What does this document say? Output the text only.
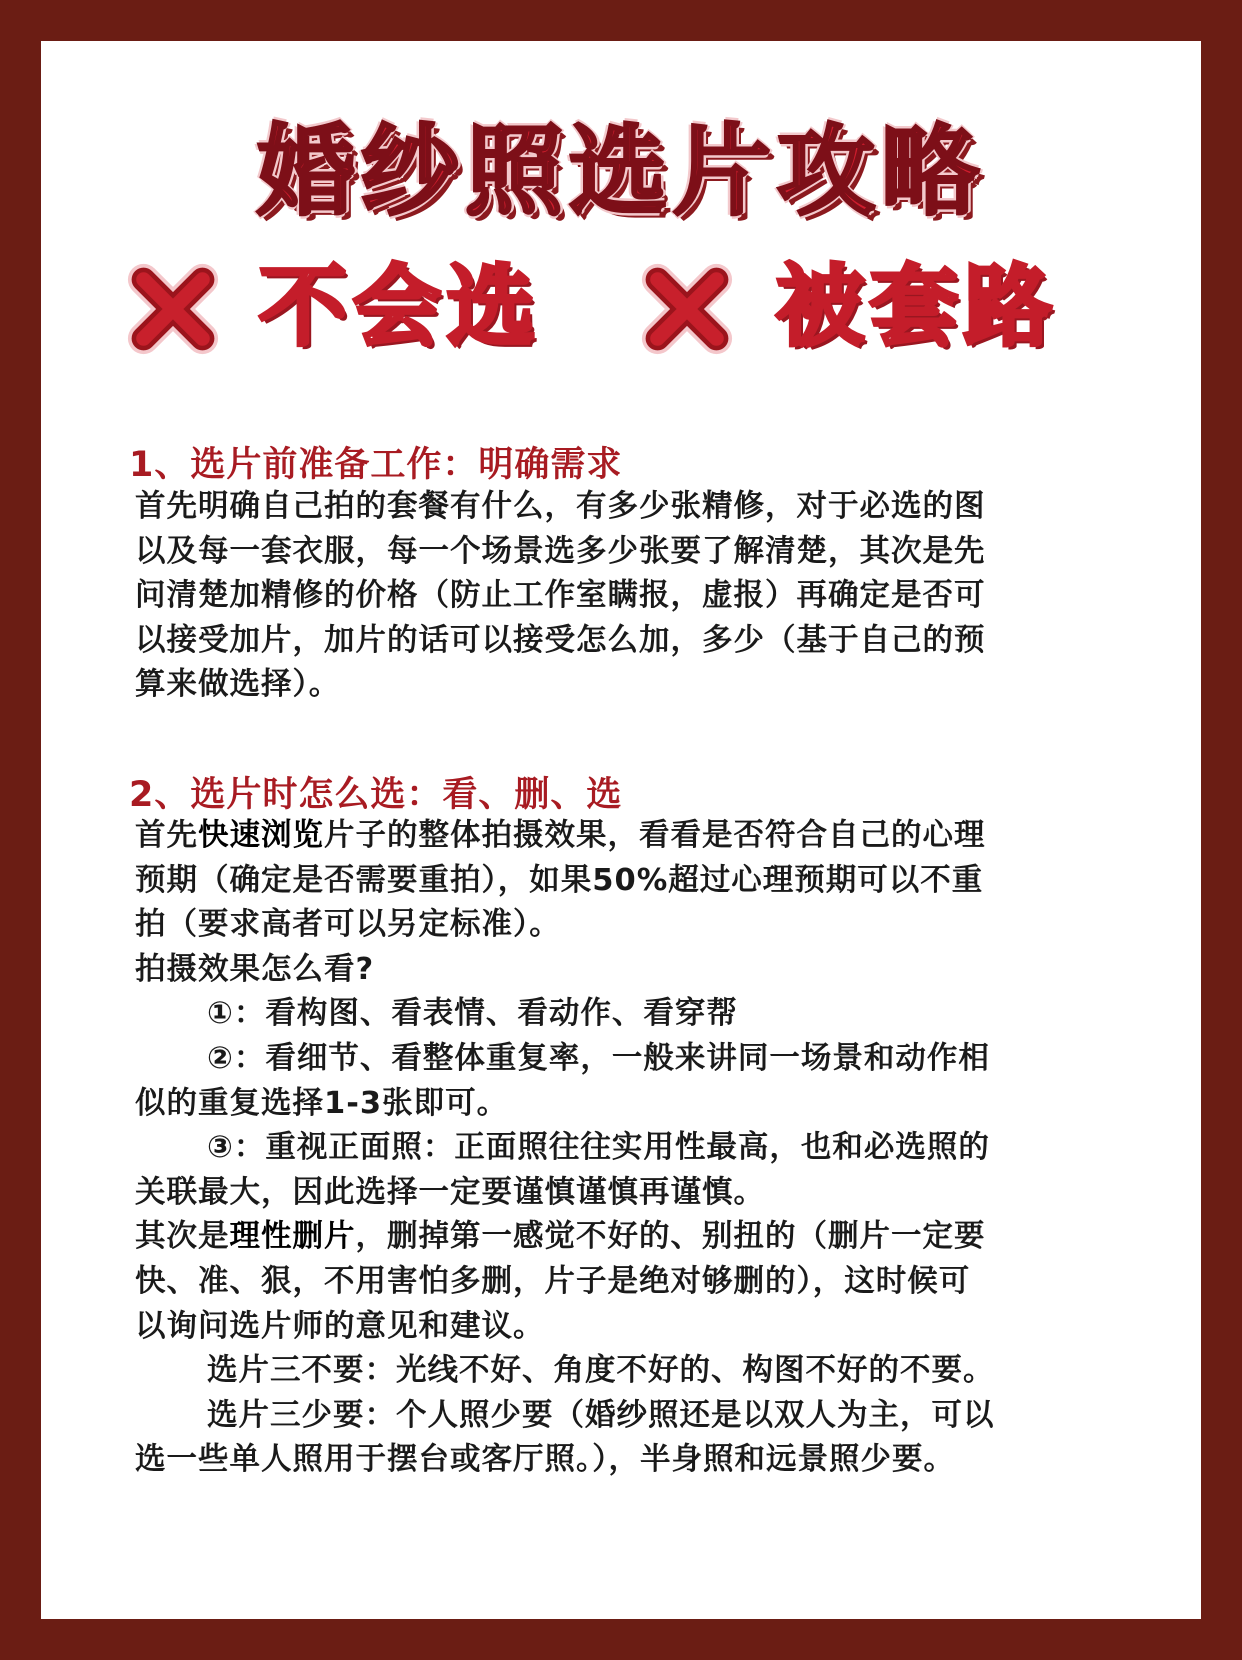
婚纱照选片攻略
不会选	被套路
1、选片前准备工作：明确需求

首先明确自己拍的套餐有什么，有多少张精修，对于必选的图

以及每一套衣服，每一个场景选多少张要了解清楚，其次是先

问清楚加精修的价格（防止工作室瞒报，虚报）再确定是否可

以接受加片，加片的话可以接受怎么加，多少（基于自己的预

算来做选择）。

2、选片时怎么选：看、删、选

首先快速浏览片子的整体拍摄效果，看看是否符合自己的心理

预期（确定是否需要重拍），如果50%超过心理预期可以不重

拍（要求高者可以另定标准）。

拍摄效果怎么看?

①：看构图、看表情、看动作、看穿帮

②：看细节、看整体重复率，一般来讲同一场景和动作相

似的重复选择1-3张即可。

③：重视正面照：正面照往往实用性最高，也和必选照的

关联最大，因此选择一定要谨慎谨慎再谨慎。

其次是理性删片，删掉第一感觉不好的、别扭的（删片一定要

快、准、狠，不用害怕多删，片子是绝对够删的），这时候可

以询问选片师的意见和建议。

选片三不要：光线不好、角度不好的、构图不好的不要。

选片三少要：个人照少要（婚纱照还是以双人为主，可以

选一些单人照用于摆台或客厅照。），半身照和远景照少要。
